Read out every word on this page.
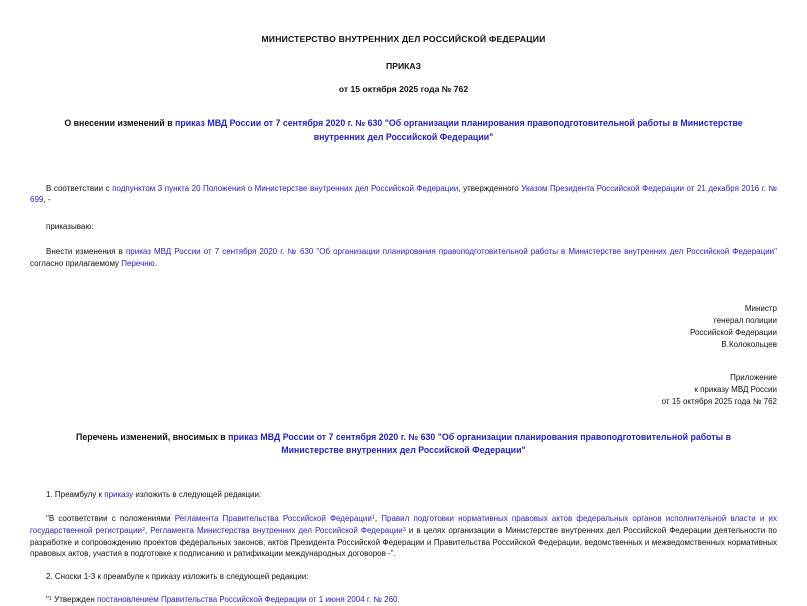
МИНИСТЕРСТВО ВНУТРЕННИХ ДЕЛ РОССИЙСКОЙ ФЕДЕРАЦИИ
ПРИКАЗ
от 15 октября 2025 года № 762
О внесении изменений в приказ МВД России от 7 сентября 2020 г. № 630 "Об организации планирования правоподготовительной работы в Министерстве внутренних дел Российской Федерации"
В соответствии с подпунктом 3 пункта 20 Положения о Министерстве внутренних дел Российской Федерации, утвержденного Указом Президента Российской Федерации от 21 декабря 2016 г. № 699, -
приказываю:
Внести изменения в приказ МВД России от 7 сентября 2020 г. № 630 "Об организации планирования правоподготовительной работы в Министерстве внутренних дел Российской Федерации" согласно прилагаемому Перечню.
Министр
генерал полиции
Российской Федерации
В.Колокольцев
Приложение
к приказу МВД России
от 15 октября 2025 года № 762
Перечень изменений, вносимых в приказ МВД России от 7 сентября 2020 г. № 630 "Об организации планирования правоподготовительной работы в Министерстве внутренних дел Российской Федерации"
1. Преамбулу к приказу изложить в следующей редакции:
"В соответствии с положениями Регламента Правительства Российской Федерации$^1$, Правил подготовки нормативных правовых актов федеральных органов исполнительной власти и их государственной регистрации$^2$, Регламента Министерства внутренних дел Российской Федерации$^3$ и в целях организации в Министерстве внутренних дел Российской Федерации деятельности по разработке и сопровождению проектов федеральных законов, актов Президента Российской Федерации и Правительства Российской Федерации, ведомственных и межведомственных нормативных правовых актов, участия в подготовке к подписанию и ратификации международных договоров -".
2. Сноски 1-3 к преамбуле к приказу изложить в следующей редакции:
"$^1$ Утвержден постановлением Правительства Российской Федерации от 1 июня 2004 г. № 260.
